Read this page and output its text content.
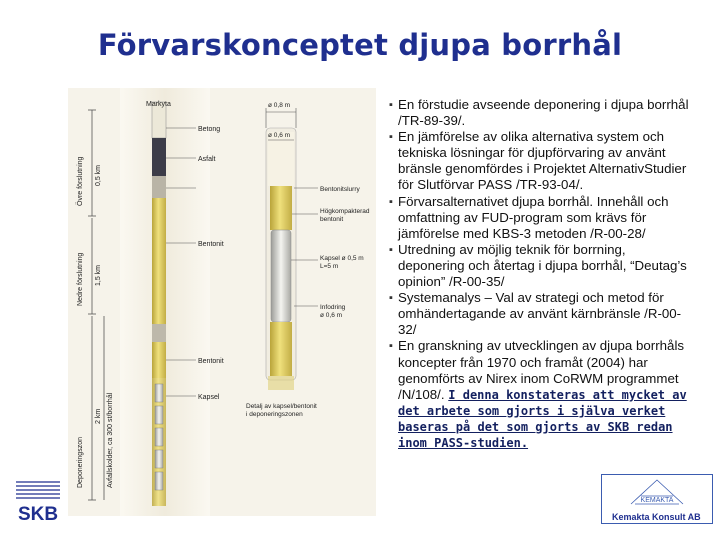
Förvarskonceptet djupa borrhål
Markyta
Betong
Asfalt
Bentonit
Bentonit
Kapsel
Övre förslutning 0,5 km
Nedre förslutning 1,5 km
Deponeringszon
2 km Avfallskolder, ca 300 st/borrhål
ø 0,8 m
ø 0,6 m
Bentonitslurry
Högkompakterad
bentonit
Kapsel ø 0,5 m
L=5 m
Infodring
ø 0,6 m
Detalj av kapsel/bentonit
i deponeringszonen
▪ En förstudie avseende deponering i djupa borrhål /TR-89-39/.
▪ En jämförelse av olika alternativa system och tekniska lösningar för djupförvaring av använt bränsle genomfördes i Projektet AlternativStudier för Slutförvar PASS /TR-93-04/.
▪ Förvarsalternativet djupa borrhål. Innehåll och omfattning av FUD-program som krävs för jämförelse med KBS-3 metoden /R-00-28/
▪ Utredning av möjlig teknik för borrning, deponering och återtag i djupa borrhål, “Deutag’s opinion” /R-00-35/
▪ Systemanalys – Val av strategi och metod för omhändertagande av använt kärnbränsle /R-00-32/
▪ En granskning av utvecklingen av djupa borrhåls koncepter från 1970 och framåt (2004) har genomförts av Nirex inom CoRWM programmet /N/108/. I denna konstateras att mycket av det arbete som gjorts i själva verket baseras på det som gjorts av SKB redan inom PASS-studien.
SKB
KEMAKTA
Kemakta Konsult AB
